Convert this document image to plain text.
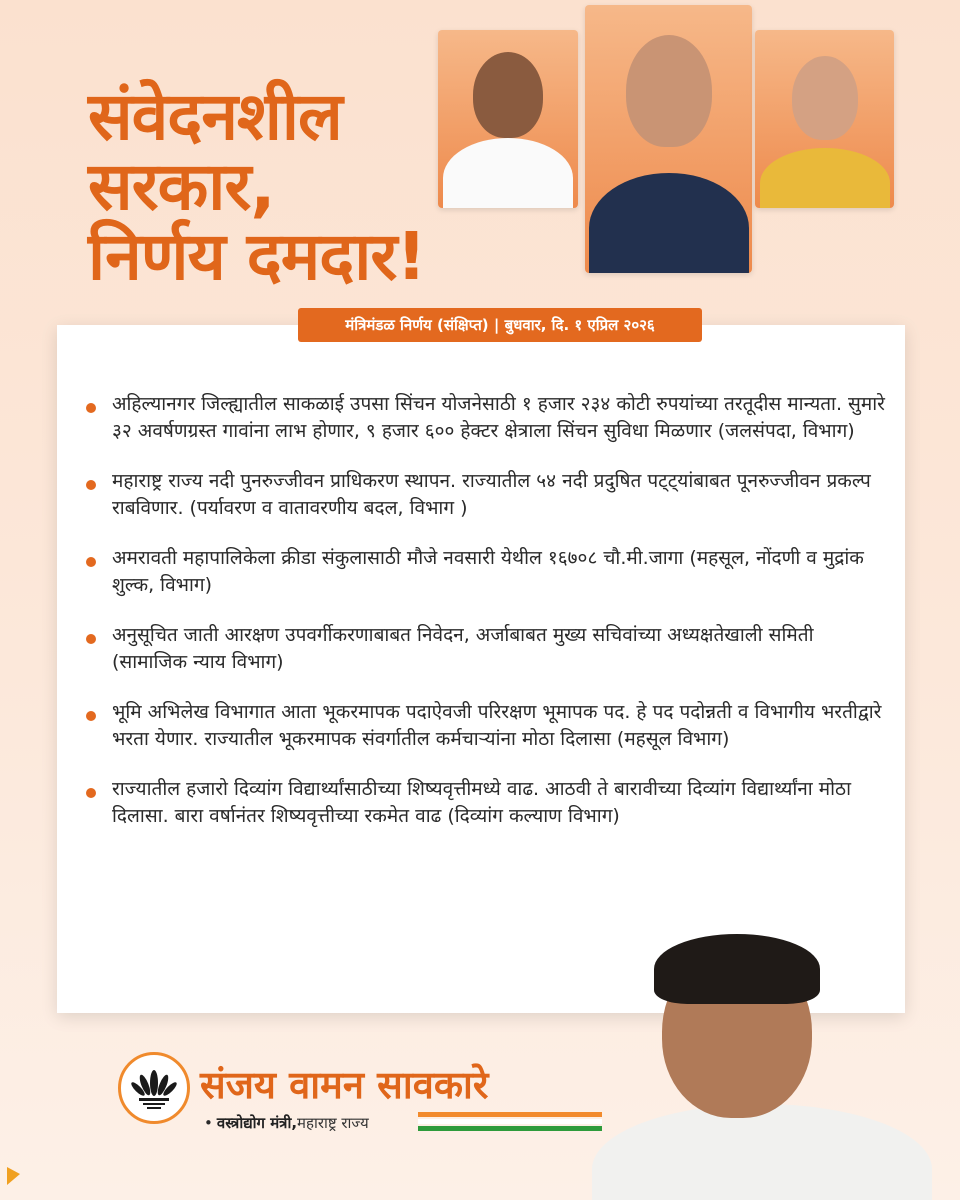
संवेदनशील
सरकार,
निर्णय दमदार!
अहिल्यानगर जिल्ह्यातील साकळाई उपसा सिंचन योजनेसाठी १ हजार २३४ कोटी रुपयांच्या तरतूदीस मान्यता. सुमारे ३२ अवर्षणग्रस्त गावांना लाभ होणार, ९ हजार ६०० हेक्टर क्षेत्राला सिंचन सुविधा मिळणार (जलसंपदा, विभाग)
महाराष्ट्र राज्य नदी पुनरुज्जीवन प्राधिकरण स्थापन. राज्यातील ५४ नदी प्रदुषित पट्ट्यांबाबत पूनरुज्जीवन प्रकल्प राबविणार. (पर्यावरण व वातावरणीय बदल, विभाग )
अमरावती महापालिकेला क्रीडा संकुलासाठी मौजे नवसारी येथील १६७०८ चौ.मी.जागा (महसूल, नोंदणी व मुद्रांक शुल्क, विभाग)
अनुसूचित जाती आरक्षण उपवर्गीकरणाबाबत निवेदन, अर्जाबाबत मुख्य सचिवांच्या अध्यक्षतेखाली समिती (सामाजिक न्याय विभाग)
भूमि अभिलेख विभागात आता भूकरमापक पदाऐवजी परिरक्षण भूमापक पद. हे पद पदोन्नती व विभागीय भरतीद्वारे भरता येणार. राज्यातील भूकरमापक संवर्गातील कर्मचाऱ्यांना मोठा दिलासा (महसूल विभाग)
राज्यातील हजारो दिव्यांग विद्यार्थ्यांसाठीच्या शिष्यवृत्तीमध्ये वाढ. आठवी ते बारावीच्या दिव्यांग विद्यार्थ्यांना मोठा दिलासा. बारा वर्षानंतर शिष्यवृत्तीच्या रकमेत वाढ (दिव्यांग कल्याण विभाग)
मंत्रिमंडळ निर्णय (संक्षिप्त) | बुधवार, दि. १ एप्रिल २०२६
संजय वामन सावकारे
• वस्त्रोद्योग मंत्री, महाराष्ट्र राज्य
